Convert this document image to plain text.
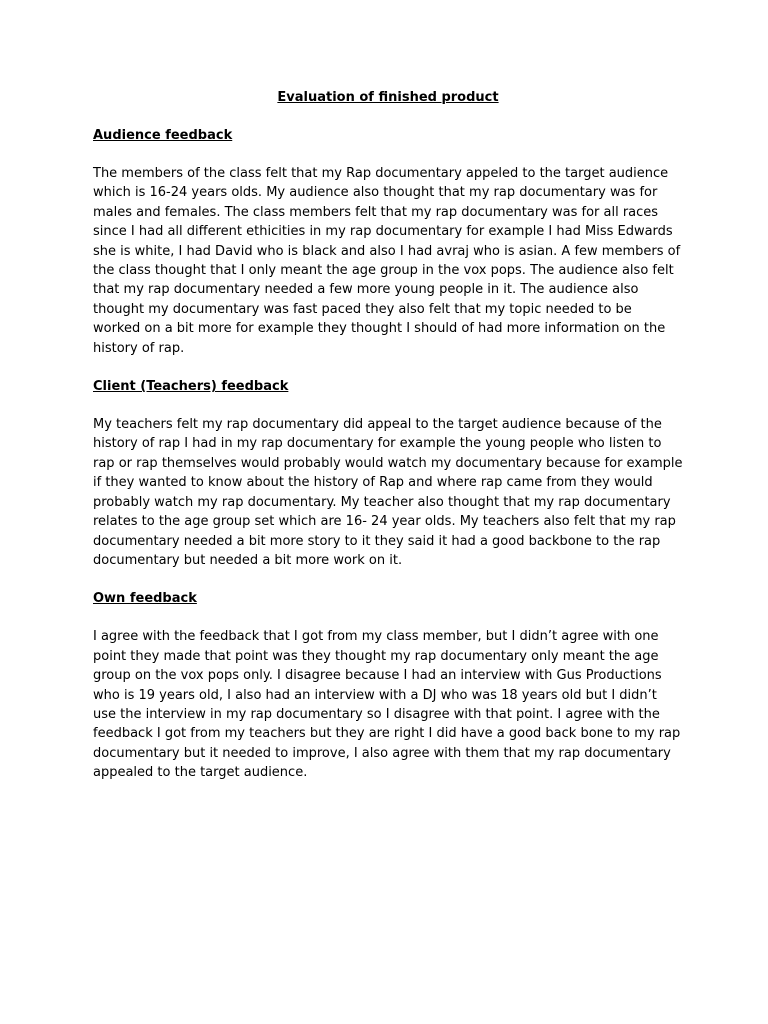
Evaluation of finished product
Audience feedback

The members of the class felt that my Rap documentary appeled to the target audience which is 16-24 years olds. My audience also thought that my rap documentary was for males and females. The class members felt that my rap documentary was for all races since I had all different ethicities in my rap documentary for example I had Miss Edwards she is white, I had David who is black and also I had avraj who is asian. A few members of the class thought that I only meant the age group in the vox pops. The audience also felt that my rap documentary needed a few more young people in it. The audience also thought my documentary was fast paced they also felt that my topic needed to be worked on a bit more for example they thought I should of had more information on the history of rap.

Client (Teachers) feedback

My teachers felt my rap documentary did appeal to the target audience because of the history of rap I had in my rap documentary for example the young people who listen to rap or rap themselves would probably would watch my documentary because for example if they wanted to know about the history of Rap and where rap came from they would probably watch my rap documentary. My teacher also thought that my rap documentary relates to the age group set which are 16- 24 year olds. My teachers also felt that my rap documentary needed a bit more story to it they said it had a good backbone to the rap documentary but needed a bit more work on it.

Own feedback

I agree with the feedback that I got from my class member, but I didn’t agree with one point they made that point was they thought my rap documentary only meant the age group on the vox pops only. I disagree because I had an interview with Gus Productions who is 19 years old, I also had an interview with a DJ who was 18 years old but I didn’t use the interview in my rap documentary so I disagree with that point. I agree with the feedback I got from my teachers but they are right I did have a good back bone to my rap documentary but it needed to improve, I also agree with them that my rap documentary appealed to the target audience.
